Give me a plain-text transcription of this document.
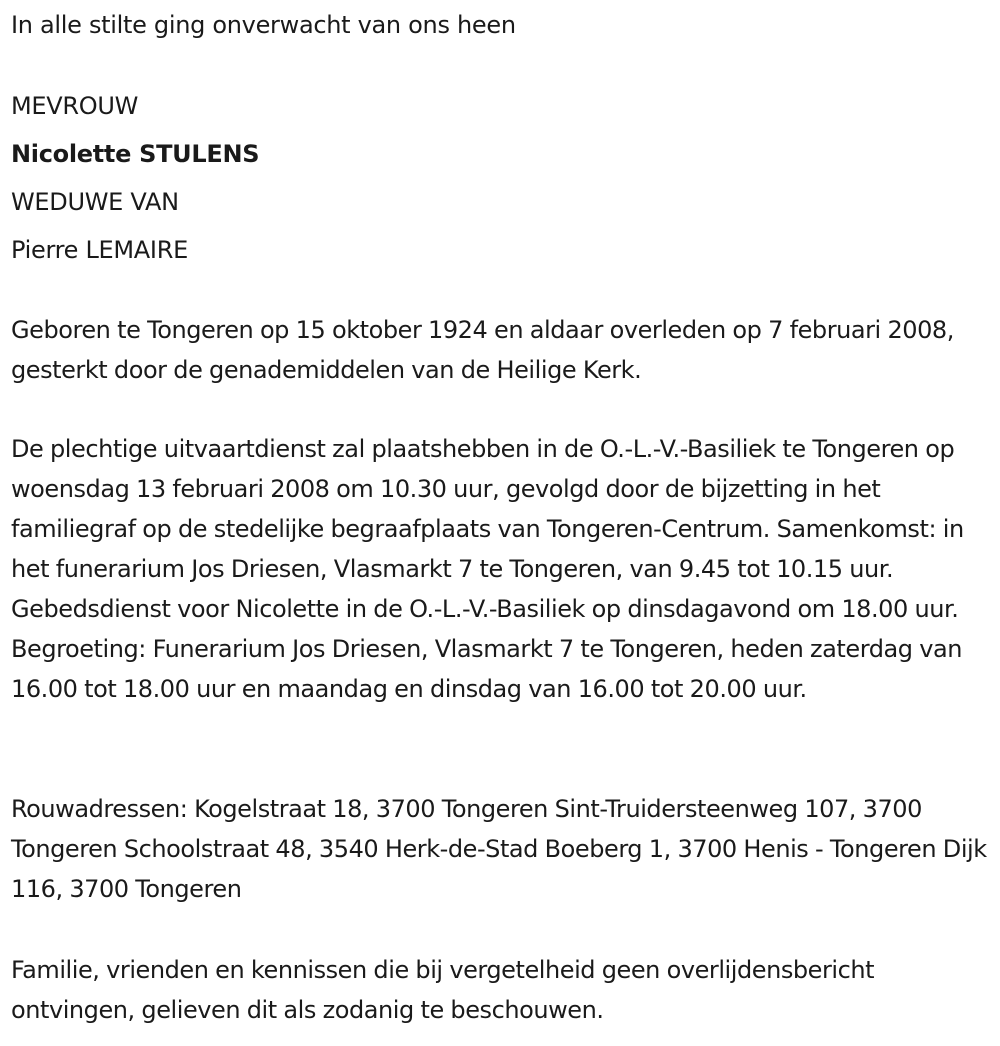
In alle stilte ging onverwacht van ons heen

MEVROUW

Nicolette STULENS

WEDUWE VAN

Pierre LEMAIRE

Geboren te Tongeren op 15 oktober 1924 en aldaar overleden op 7 februari 2008, gesterkt door de genademiddelen van de Heilige Kerk.

De plechtige uitvaartdienst zal plaatshebben in de O.-L.-V.-Basiliek te Tongeren op woensdag 13 februari 2008 om 10.30 uur, gevolgd door de bijzetting in het familiegraf op de stedelijke begraafplaats van Tongeren-Centrum. Samenkomst: in het funerarium Jos Driesen, Vlasmarkt 7 te Tongeren, van 9.45 tot 10.15 uur. Gebedsdienst voor Nicolette in de O.-L.-V.-Basiliek op dinsdagavond om 18.00 uur. Begroeting: Funerarium Jos Driesen, Vlasmarkt 7 te Tongeren, heden zaterdag van 16.00 tot 18.00 uur en maandag en dinsdag van 16.00 tot 20.00 uur.

Rouwadressen: Kogelstraat 18, 3700 Tongeren Sint-Truidersteenweg 107, 3700 Tongeren Schoolstraat 48, 3540 Herk-de-Stad Boeberg 1, 3700 Henis - Tongeren Dijk 116, 3700 Tongeren

Familie, vrienden en kennissen die bij vergetelheid geen overlijdensbericht ontvingen, gelieven dit als zodanig te beschouwen.
